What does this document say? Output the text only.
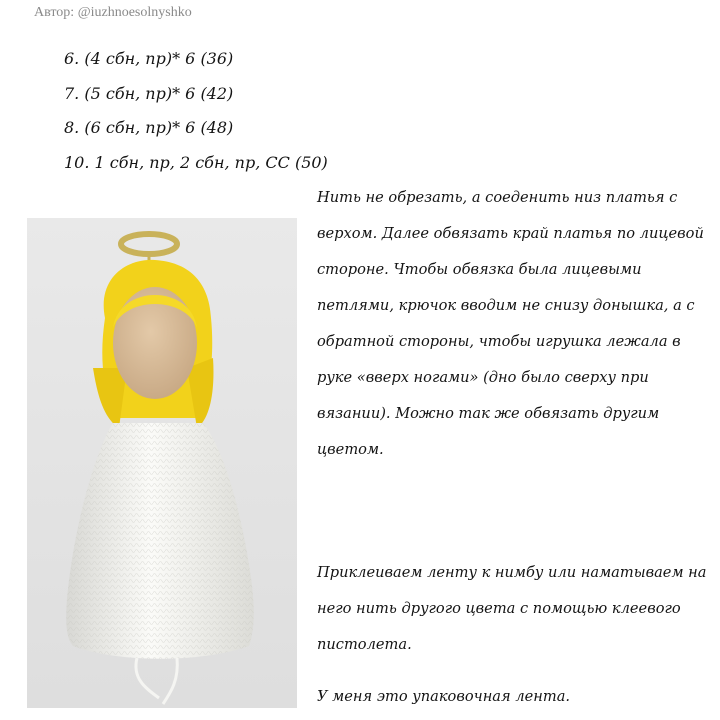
Автор: @iuzhnoesolnyshko
6. (4 сбн, пр)* 6 (36)
7. (5 сбн, пр)* 6 (42)
8. (6 сбн, пр)* 6 (48)
10. 1 сбн, пр, 2 сбн, пр, СС (50)
Нить не обрезать, а соеденить низ платья с верхом. Далее обвязать край платья по лицевой стороне. Чтобы обвязка была лицевыми петлями, крючок вводим не снизу донышка, а с обратной стороны, чтобы игрушка лежала в руке «вверх ногами» (дно было сверху при вязании). Можно так же обвязать другим цветом.
Приклеиваем ленту к нимбу или наматываем на него нить другого цвета с помощью клеевого пистолета.
У меня это упаковочная лента.
